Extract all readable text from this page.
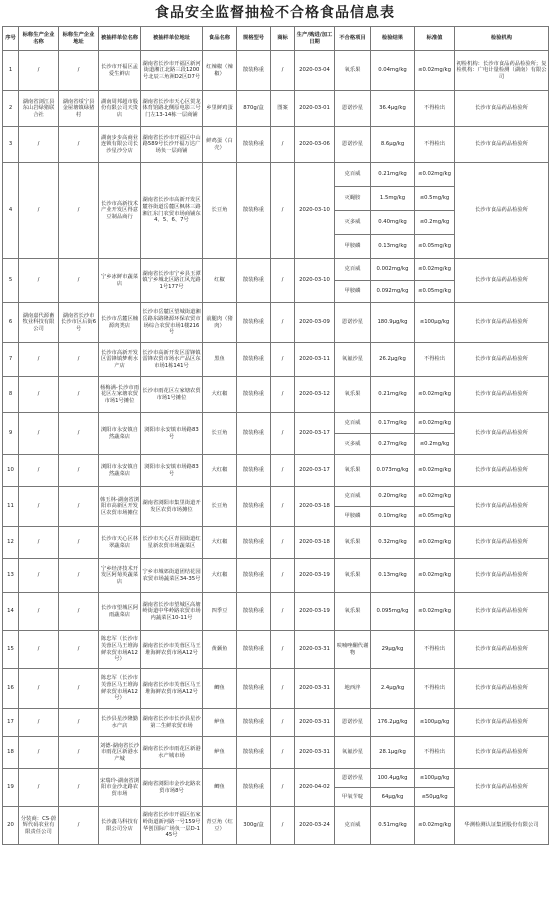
食品安全监督抽检不合格食品信息表
序号	标称生产企业名称	标称生产企业地址	被抽样单位名称	被抽样单位地址	食品名称	规格型号	商标	生产/购进/加工日期	不合格项目	检验结果	标准值	检验机构
1	/	/	长沙市开福区孟爱生鲜店	湖南省长沙市开福区新河街道湘江北路三段1200号北辰三角洲D2区D7号	红辣椒（辣椒）	散装称重	/	2020-03-04	氧乐果	0.04mg/kg	≤0.02mg/kg	初检机构：长沙市食品药品检验所；复检机构：广电计量检测（湖南）有限公司
2	湖南省浏江县东山岩绿猪联合社	湖南省绥宁县金屋塘镇绿猪村	湖南周邦超市股份有限公司天贵店	湖南省长沙市天心区贺龙体育馆路北侧原电影三号门左13-14栋一层商铺	乡里鲜鸡蛋	870g/盒	图案	2020-03-01	恩诺沙星	36.4μg/kg	不得检出	长沙市食品药品检验所
3	/	/	湖南步步高商业连锁有限公司长沙星沙分店	湖南省长沙市开福区中山路589号长沙开福万达广场负一层商铺	鲜鸡蛋（白壳）	散装称重	/	2020-03-06	恩诺沙星	8.6μg/kg	不得检出	长沙市食品药品检验所
4	/	/	长沙市高新技术产业开发区得意豆制品商行	湖南省长沙市高新开发区麓谷街道岳麓区枫林三路湘江东门农贸市场商铺东4、5、6、7号	长豆角	散装称重	/	2020-03-10	克百威	0.21mg/kg	≤0.02mg/kg	长沙市食品药品检验所
									灭蝇胺	1.5mg/kg	≤0.5mg/kg	
									灭多威	0.40mg/kg	≤0.2mg/kg	
									甲胺磷	0.13mg/kg	≤0.05mg/kg	
5	/	/	宁乡冰鲜市蔬菜店	湖南省长沙市宁乡县玉潭镇宁乡城北区路江风光路1号177号	红椒	散装称重	/	2020-03-10	克百威	0.002mg/kg	≤0.02mg/kg	长沙市食品药品检验所
									甲胺磷	0.092mg/kg	≤0.05mg/kg	
6	湖南嘉代源畜牧业科技有限公司	湖南省长沙市长沙市区后街6号	长沙市岳麓区楠源肉类店	长沙市岳麓区望城街道湘岳路东路隆源环保农贸市场综合农贸市场1楼216号	前腿肉（猪肉）	散装称重	/	2020-03-09	恩诺沙星	180.9μg/kg	≤100μg/kg	长沙市食品药品检验所
7	/	/	长沙市高新开发区雷锋镇梦莉水产店	长沙市高新开发区雷锋镇雷锋农贸市场水产品区东市场1栋141号	黑鱼	散装称重	/	2020-03-11	氧氟沙星	26.2μg/kg	不得检出	长沙市食品药品检验所
8	/	/	杨梅满-长沙市雨花区左家塘农贸市场1号摊位	长沙市雨花区左家塘农贸市场1号摊位	大红椒	散装称重	/	2020-03-12	氧乐果	0.21mg/kg	≤0.02mg/kg	长沙市食品药品检验所
9	/	/	浏阳市永安镇自然蔬菜店	浏阳市永安镇市场路83号	长豆角	散装称重	/	2020-03-17	克百威	0.17mg/kg	≤0.02mg/kg	长沙市食品药品检验所
									灭多威	0.27mg/kg	≤0.2mg/kg	
10	/	/	浏阳市永安镇自然蔬菜店	浏阳市永安镇市场路83号	大红椒	散装称重	/	2020-03-17	氧乐果	0.073mg/kg	≤0.02mg/kg	长沙市食品药品检验所
11	/	/	韩玉林-湖南省浏阳市高新区开发区农贸市场摊位	湖南省浏阳市集里街道开发区农贸市场摊位	长豆角	散装称重	/	2020-03-18	克百威	0.20mg/kg	≤0.02mg/kg	长沙市食品药品检验所
									甲胺磷	0.10mg/kg	≤0.05mg/kg	
12	/	/	长沙市天心区林翠蔬菜店	长沙市天心区青园街道红星新农贸市场蔬菜区	大红椒	散装称重	/	2020-03-18	氧乐果	0.32mg/kg	≤0.02mg/kg	长沙市食品药品检验所
13	/	/	宁乡经济技术开发区阿菊英蔬菜店	宁乡市城郊街道团结花园农贸市场蔬菜区34-35号	大红椒	散装称重	/	2020-03-19	氧乐果	0.13mg/kg	≤0.02mg/kg	长沙市食品药品检验所
14	/	/	长沙市望城区阿雨蔬菜店	湖南省长沙市望城区高塘岭街道中华岭路农贸市场内蔬菜区10-11号	四季豆	散装称重	/	2020-03-19	氧乐果	0.095mg/kg	≤0.02mg/kg	长沙市食品药品检验所
15	/	/	陈忠军（长沙市芙蓉区马王堆海鲜农贸市场A12号）	湖南省长沙市芙蓉区马王堆海鲜农贸市场A12号	黄颡鱼	散装称重	/	2020-03-31	呋喃唑酮代谢物	29μg/kg	不得检出	长沙市食品药品检验所
16	/	/	陈忠军（长沙市芙蓉区马王堆海鲜农贸市场A12号）	湖南省长沙市芙蓉区马王堆海鲜农贸市场A12号	鲫鱼	散装称重	/	2020-03-31	地西泮	2.4μg/kg	不得检出	长沙市食品药品检验所
17	/	/	长沙县星沙隆勤水产店	湖南省长沙市长沙县星沙第二生鲜农贸市场	鲈鱼	散装称重	/	2020-03-31	恩诺沙星	176.2μg/kg	≤100μg/kg	长沙市食品药品检验所
18	/	/	刘德-湖南省长沙市雨花区新港水产城	湖南省长沙市雨花区新港水产城市场	鲈鱼	散装称重	/	2020-03-31	氧氟沙星	28.1μg/kg	不得检出	长沙市食品药品检验所
19	/	/	宋瑞玲-湖南省浏阳市金沙北路农贸市场	湖南省浏阳市金沙北路农贸市场8号	鲫鱼	散装称重	/	2020-04-02	恩诺沙星	100.4μg/kg	≤100μg/kg	长沙市食品药品检验所
									甲氧苄啶	64μg/kg	≤50μg/kg	
20	分装商：CS·蔚辉代码农业有限责任公司	/	长沙鑫马科技有限公司分店	湖南省长沙市开福区伍家岭街道新河路一号159号华创国际广场负一层D-145号	青豆角（红豆）	300g/盒	/	2020-03-24	克百威	0.51mg/kg	≤0.02mg/kg	华测检测认证集团股份有限公司
